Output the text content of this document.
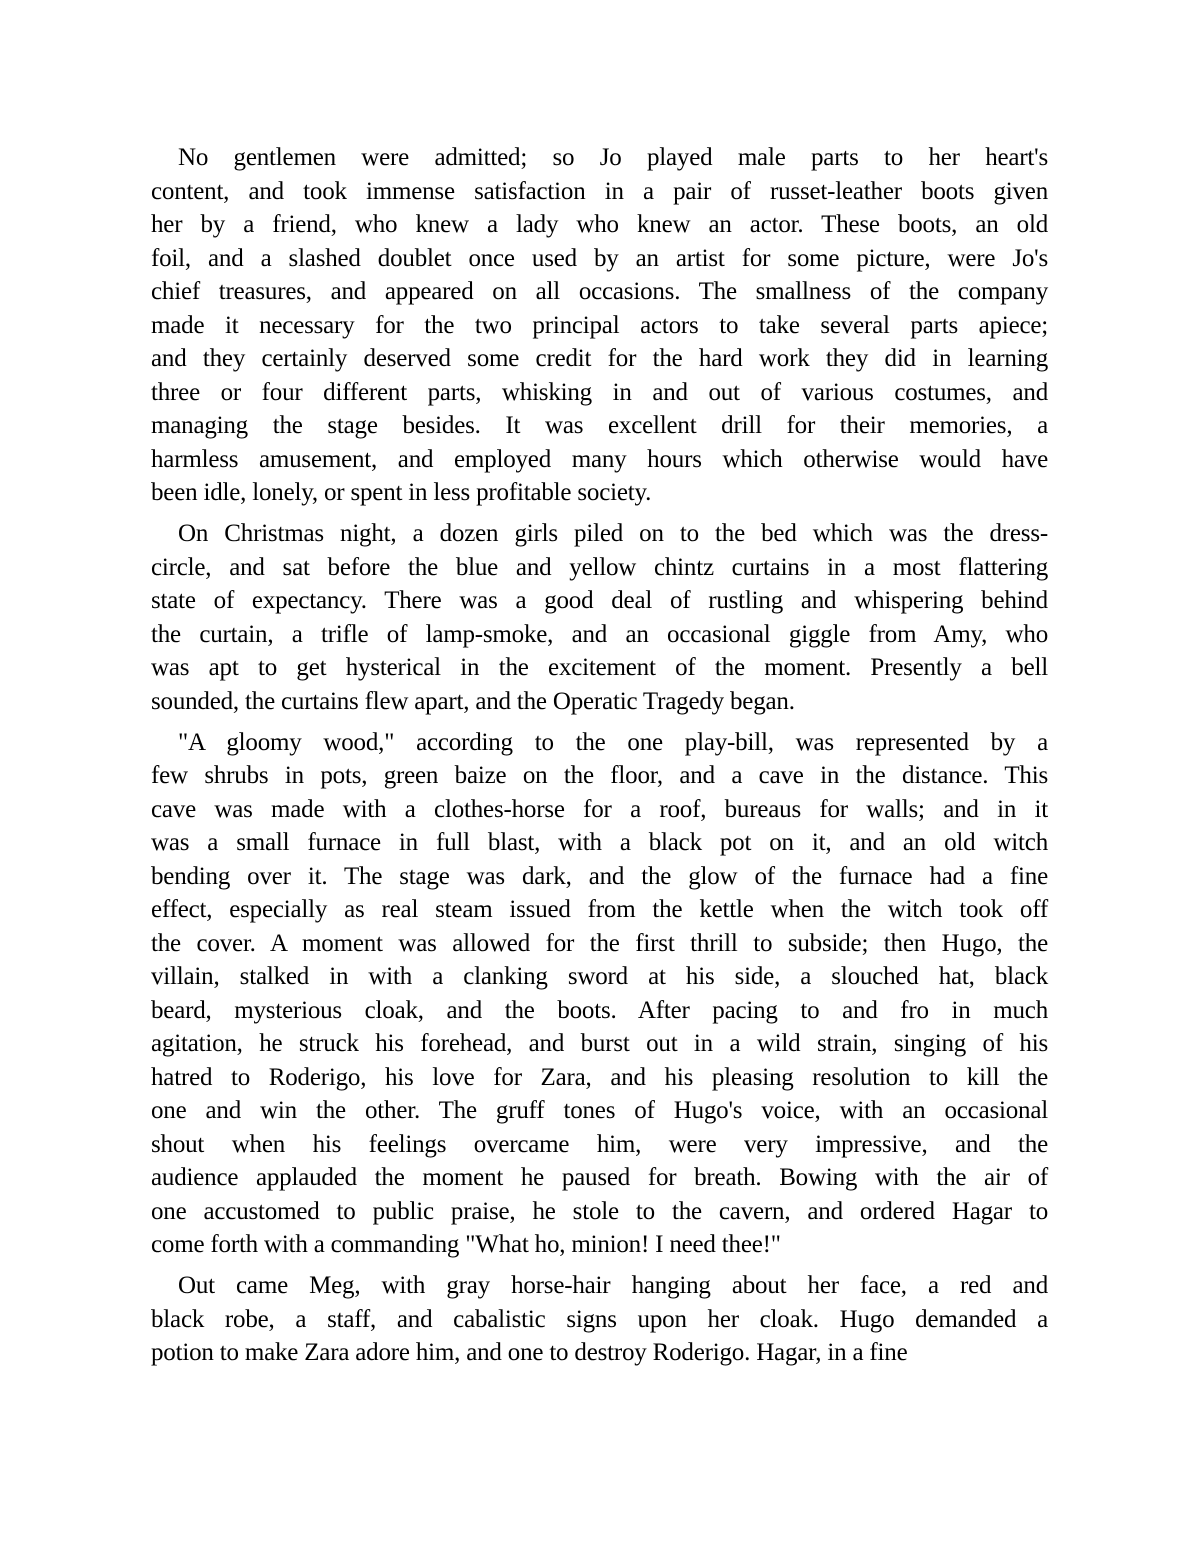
No gentlemen were admitted; so Jo played male parts to her heart's
content, and took immense satisfaction in a pair of russet-leather boots given
her by a friend, who knew a lady who knew an actor. These boots, an old
foil, and a slashed doublet once used by an artist for some picture, were Jo's
chief treasures, and appeared on all occasions. The smallness of the company
made it necessary for the two principal actors to take several parts apiece;
and they certainly deserved some credit for the hard work they did in learning
three or four different parts, whisking in and out of various costumes, and
managing the stage besides. It was excellent drill for their memories, a
harmless amusement, and employed many hours which otherwise would have
been idle, lonely, or spent in less profitable society.
On Christmas night, a dozen girls piled on to the bed which was the dress-
circle, and sat before the blue and yellow chintz curtains in a most flattering
state of expectancy. There was a good deal of rustling and whispering behind
the curtain, a trifle of lamp-smoke, and an occasional giggle from Amy, who
was apt to get hysterical in the excitement of the moment. Presently a bell
sounded, the curtains flew apart, and the Operatic Tragedy began.
"A gloomy wood," according to the one play-bill, was represented by a
few shrubs in pots, green baize on the floor, and a cave in the distance. This
cave was made with a clothes-horse for a roof, bureaus for walls; and in it
was a small furnace in full blast, with a black pot on it, and an old witch
bending over it. The stage was dark, and the glow of the furnace had a fine
effect, especially as real steam issued from the kettle when the witch took off
the cover. A moment was allowed for the first thrill to subside; then Hugo, the
villain, stalked in with a clanking sword at his side, a slouched hat, black
beard, mysterious cloak, and the boots. After pacing to and fro in much
agitation, he struck his forehead, and burst out in a wild strain, singing of his
hatred to Roderigo, his love for Zara, and his pleasing resolution to kill the
one and win the other. The gruff tones of Hugo's voice, with an occasional
shout when his feelings overcame him, were very impressive, and the
audience applauded the moment he paused for breath. Bowing with the air of
one accustomed to public praise, he stole to the cavern, and ordered Hagar to
come forth with a commanding "What ho, minion! I need thee!"
Out came Meg, with gray horse-hair hanging about her face, a red and
black robe, a staff, and cabalistic signs upon her cloak. Hugo demanded a
potion to make Zara adore him, and one to destroy Roderigo. Hagar, in a fine
